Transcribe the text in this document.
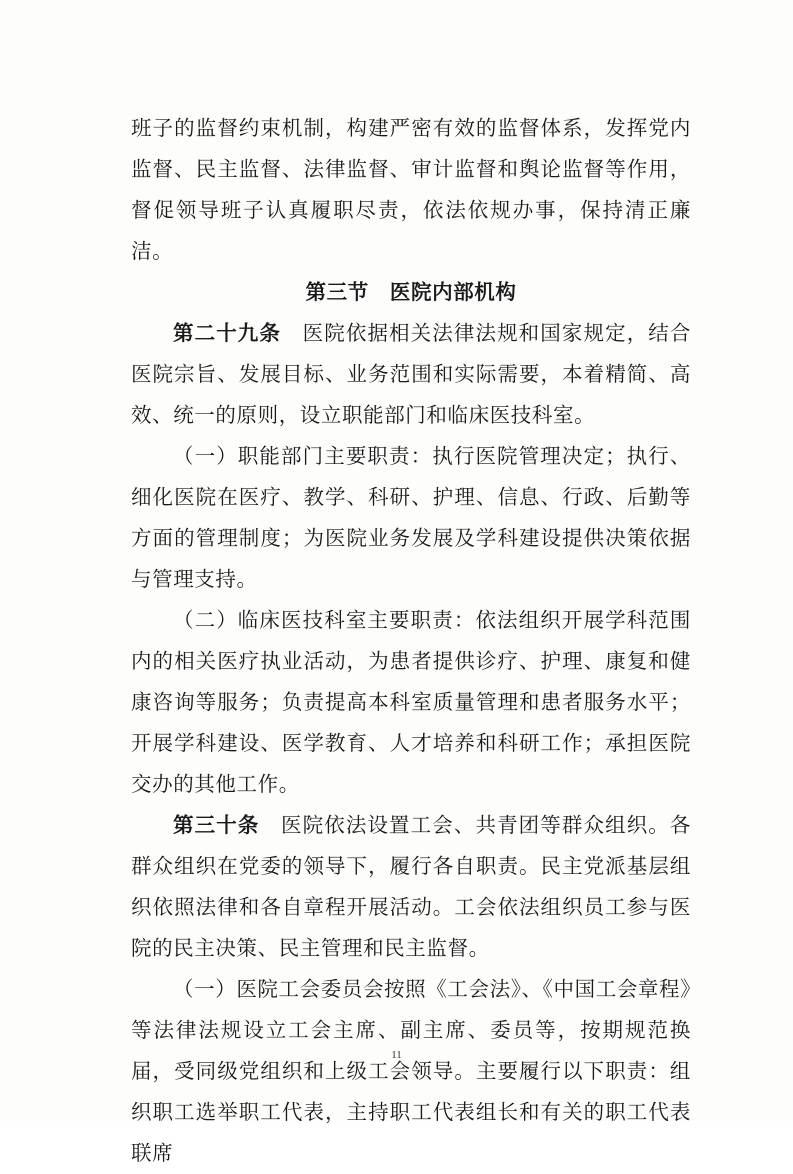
班子的监督约束机制，构建严密有效的监督体系，发挥党内监督、民主监督、法律监督、审计监督和舆论监督等作用，督促领导班子认真履职尽责，依法依规办事，保持清正廉洁。

第三节　医院内部机构

第二十九条　医院依据相关法律法规和国家规定，结合医院宗旨、发展目标、业务范围和实际需要，本着精简、高效、统一的原则，设立职能部门和临床医技科室。

（一）职能部门主要职责：执行医院管理决定；执行、细化医院在医疗、教学、科研、护理、信息、行政、后勤等方面的管理制度；为医院业务发展及学科建设提供决策依据与管理支持。

（二）临床医技科室主要职责：依法组织开展学科范围内的相关医疗执业活动，为患者提供诊疗、护理、康复和健康咨询等服务；负责提高本科室质量管理和患者服务水平；开展学科建设、医学教育、人才培养和科研工作；承担医院交办的其他工作。

第三十条　医院依法设置工会、共青团等群众组织。各群众组织在党委的领导下，履行各自职责。民主党派基层组织依照法律和各自章程开展活动。工会依法组织员工参与医院的民主决策、民主管理和民主监督。

（一）医院工会委员会按照《工会法》、《中国工会章程》等法律法规设立工会主席、副主席、委员等，按期规范换届，受同级党组织和上级工会领导。主要履行以下职责：组织职工选举职工代表，主持职工代表组长和有关的职工代表联席

11
